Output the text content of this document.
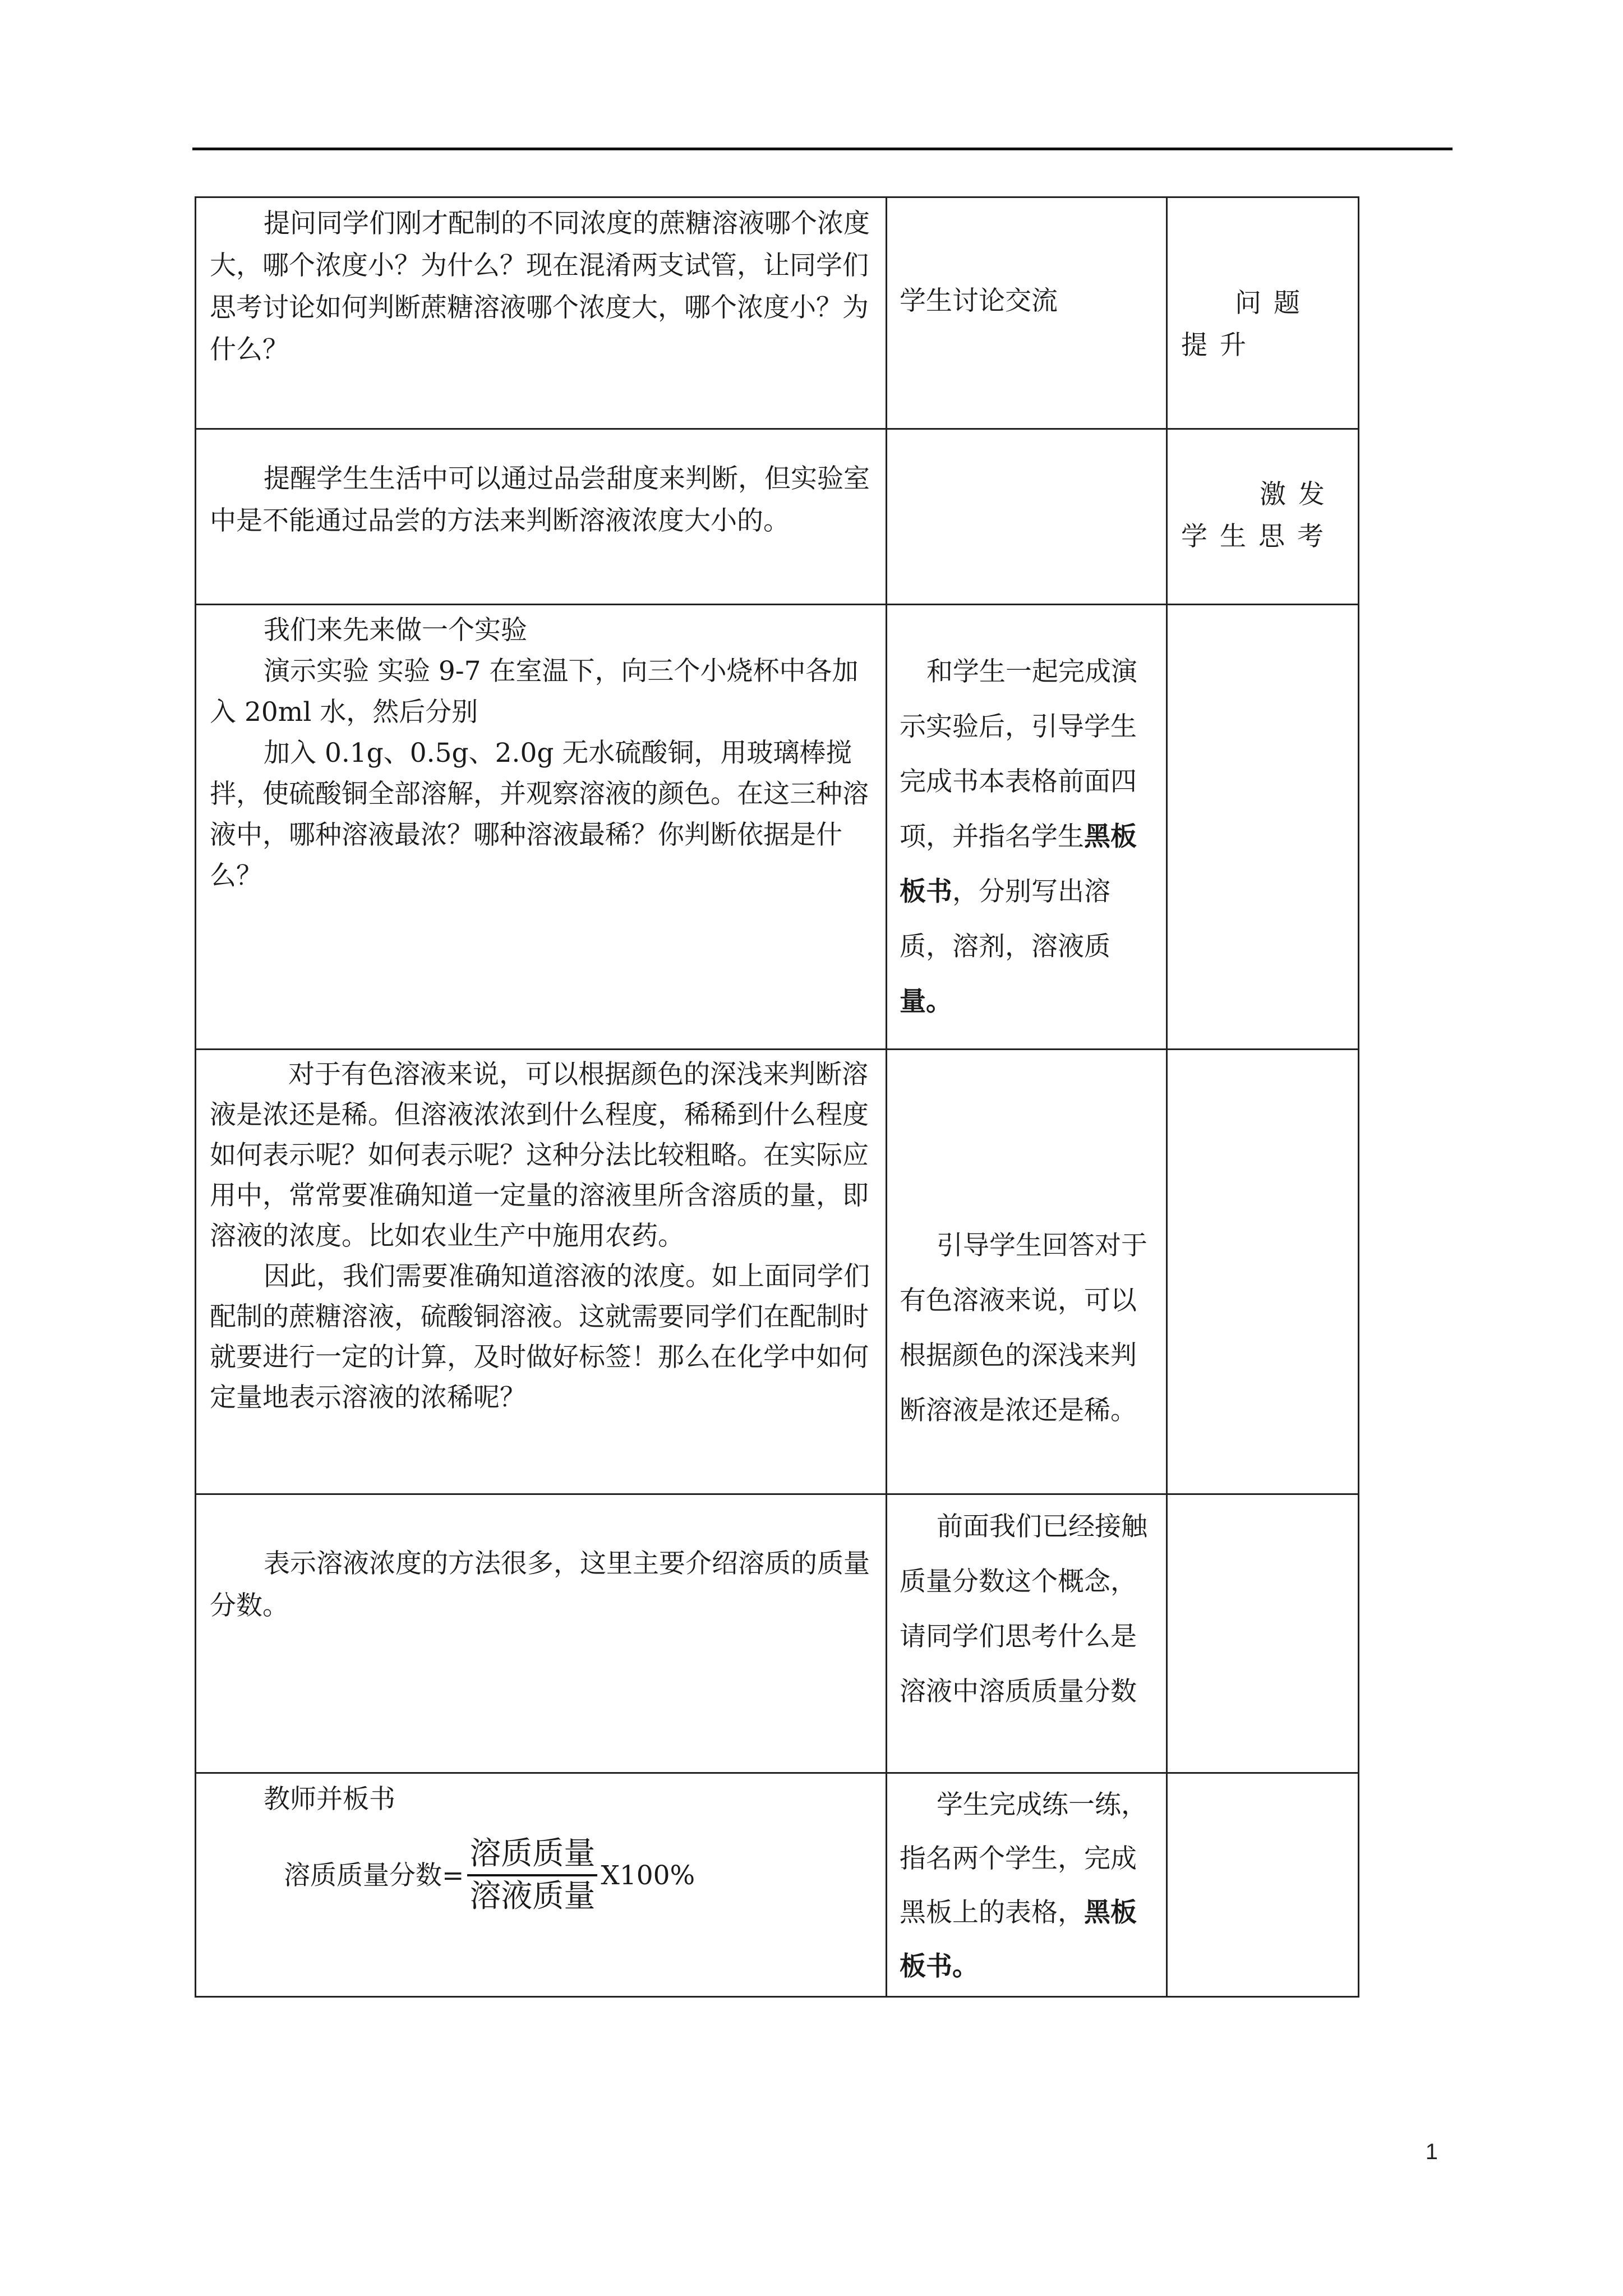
提问同学们刚才配制的不同浓度的蔗糖溶液哪个浓度大，哪个浓度小？为什么？现在混淆两支试管，让同学们思考讨论如何判断蔗糖溶液哪个浓度大，哪个浓度小？为什么？	学生讨论交流	问题提升

提醒学生生活中可以通过品尝甜度来判断，但实验室中是不能通过品尝的方法来判断溶液浓度大小的。		激发学生思考

我们来先来做一个实验

演示实验 实验 9-7 在室温下，向三个小烧杯中各加入 20ml 水，然后分别

加入 0.1g、0.5g、2.0g 无水硫酸铜，用玻璃棒搅拌，使硫酸铜全部溶解，并观察溶液的颜色。在这三种溶液中，哪种溶液最浓？哪种溶液最稀？你判断依据是什么？	和学生一起完成演示实验后，引导学生完成书本表格前面四项，并指名学生黑板板书，分别写出溶质，溶剂，溶液质量。	

对于有色溶液来说，可以根据颜色的深浅来判断溶液是浓还是稀。但溶液浓浓到什么程度，稀稀到什么程度如何表示呢？如何表示呢？这种分法比较粗略。在实际应用中，常常要准确知道一定量的溶液里所含溶质的量，即溶液的浓度。比如农业生产中施用农药。

因此，我们需要准确知道溶液的浓度。如上面同学们配制的蔗糖溶液，硫酸铜溶液。这就需要同学们在配制时就要进行一定的计算，及时做好标签！那么在化学中如何定量地表示溶液的浓稀呢？	引导学生回答对于有色溶液来说，可以根据颜色的深浅来判断溶液是浓还是稀。	

表示溶液浓度的方法很多，这里主要介绍溶质的质量分数。	前面我们已经接触质量分数这个概念，请同学们思考什么是溶液中溶质质量分数	

教师并板书

溶质质量分数= $\frac{\text{溶质质量}}{\text{溶液质量}} X100\%$	学生完成练一练，指名两个学生，完成黑板上的表格，黑板板书。	

1
